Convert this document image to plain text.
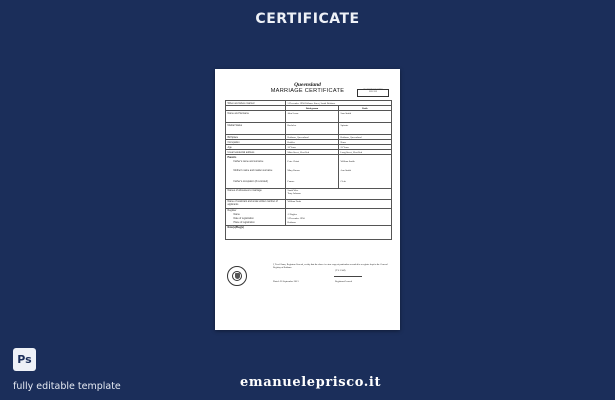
CERTIFICATE
Queensland
MARRIAGE CERTIFICATE	REGISTRATION NUMBER
XXXX.XXX
When and where married	5 December 1994 Vallance Street, South Brisbane	
	Bridegroom	Bride
Name and Surname	John Lenas	Sara Smith
Marital Status	Bachelor	Spinster
Birthplace	Brisbane, Queensland	Brisbane, Queensland
Occupation	Builder	Nurse
Age	26 Years	25 Years
Usual residential address	Main Street, West End	Long Street, West End
Parents		

Father's name and surname	Peter Chiasi	William Smith

Mother's name and maiden surname	Mary Brown	Ann Smith

Father's occupation (if recorded)	Farmer	Clerk
Names of witnesses to marriage	Sarah Wise
Tony Johnson	

Name of celebrant and under-written number of applicants	William Tards	
Register		

Name	J. Hughes	

Date of registration	5 December 1994	

Place of registration	Brisbane	
Note(s)/Reg(s)		
I, Trevil Jams, Registrar-General, certify that the above is a true copy of particulars recorded in a register kept in the General Registry at Brisbane
(T.V. JAM)
Dated: 26 September 2013	Registrar-General
Ps
fully editable template	emanueleprisco.it
